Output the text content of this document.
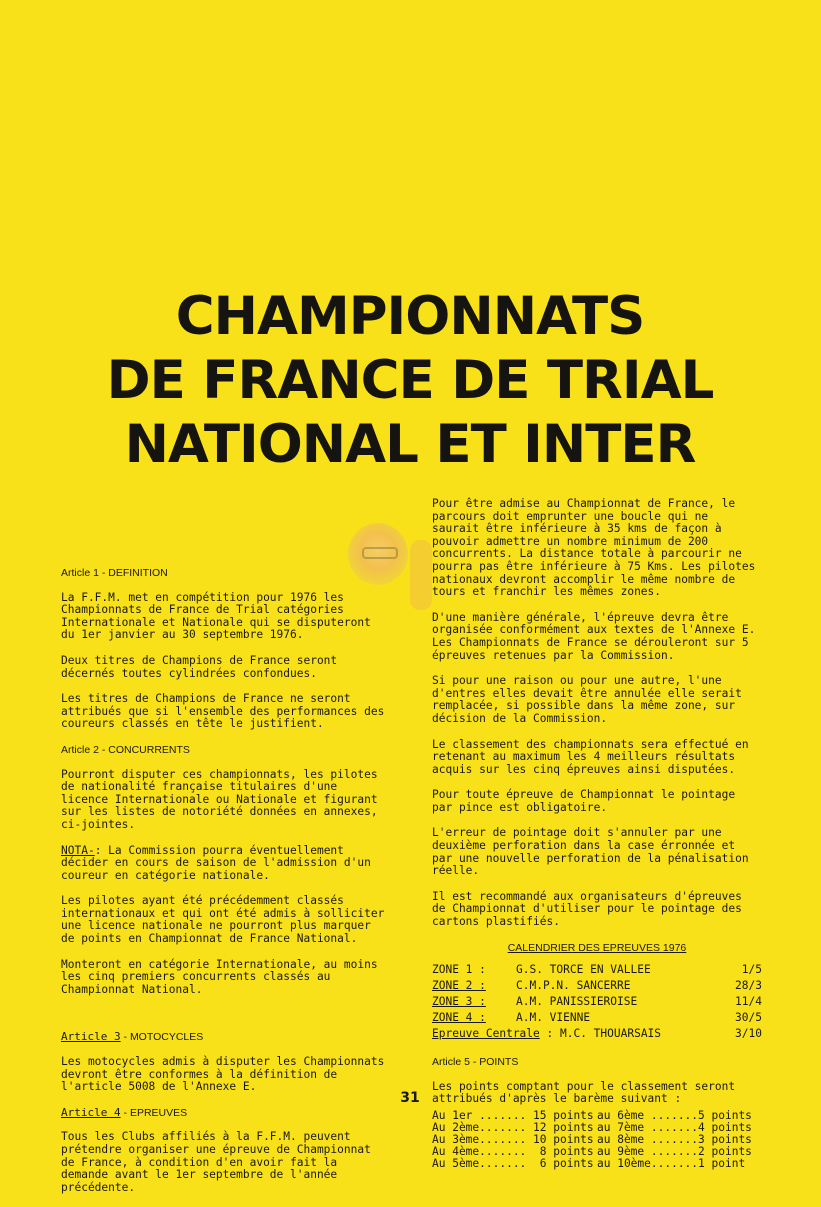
CHAMPIONNATS
DE FRANCE DE TRIAL
NATIONAL ET INTER
Article 1 - DEFINITION

La F.F.M. met en compétition pour 1976 les Championnats de France de Trial catégories Internationale et Nationale qui se disputeront du 1er janvier au 30 septembre 1976.

Deux titres de Champions de France seront décernés toutes cylindrées confondues.

Les titres de Champions de France ne seront attribués que si l'ensemble des performances des coureurs classés en tête le justifient.

Article 2 - CONCURRENTS

Pourront disputer ces championnats, les pilotes de nationalité française titulaires d'une licence Internationale ou Nationale et figurant sur les listes de notoriété données en annexes, ci-jointes.

NOTA-: La Commission pourra éventuellement décider en cours de saison de l'admission d'un coureur en catégorie nationale.

Les pilotes ayant été précédemment classés internationaux et qui ont été admis à solliciter une licence nationale ne pourront plus marquer de points en Championnat de France National.

Monteront en catégorie Internationale, au moins les cinq premiers concurrents classés au Championnat National.

Article 3 - MOTOCYCLES

Les motocycles admis à disputer les Championnats devront être conformes à la définition de l'article 5008 de l'Annexe E.

Article 4 - EPREUVES

Tous les Clubs affiliés à la F.F.M. peuvent prétendre organiser une épreuve de Championnat de France, à condition d'en avoir fait la demande avant le 1er septembre de l'année précédente.

Pour être admise au Championnat de France, le parcours doit emprunter une boucle qui ne saurait être inférieure à 35 kms de façon à pouvoir admettre un nombre minimum de 200 concurrents. La distance totale à parcourir ne pourra pas être inférieure à 75 Kms. Les pilotes nationaux devront accomplir le même nombre de tours et franchir les mêmes zones.

D'une manière générale, l'épreuve devra être organisée conformément aux textes de l'Annexe E. Les Championnats de France se dérouleront sur 5 épreuves retenues par la Commission.

Si pour une raison ou pour une autre, l'une d'entres elles devait être annulée elle serait remplacée, si possible dans la même zone, sur décision de la Commission.

Le classement des championnats sera effectué en retenant au maximum les 4 meilleurs résultats acquis sur les cinq épreuves ainsi disputées.

Pour toute épreuve de Championnat le pointage par pince est obligatoire.

L'erreur de pointage doit s'annuler par une deuxième perforation dans la case érronnée et par une nouvelle perforation de la pénalisation réelle.

Il est recommandé aux organisateurs d'épreuves de Championnat d'utiliser pour le pointage des cartons plastifiés.

CALENDRIER DES EPREUVES 1976
ZONE 1 :	G.S. TORCE EN VALLEE	1/5
ZONE 2 :	C.M.P.N. SANCERRE	28/3
ZONE 3 :	A.M. PANISSIEROISE	11/4
ZONE 4 :	A.M. VIENNE	30/5
Epreuve Centrale : M.C. THOUARSAIS	3/10
Article 5 - POINTS

Les points comptant pour le classement seront attribués d'après le barème suivant :

Au 1er ....... 15 points
Au 2ème....... 12 points
Au 3ème....... 10 points
Au 4ème.......  8 points
Au 5ème.......  6 points
au 6ème .......5 points
au 7ème .......4 points
au 8ème .......3 points
au 9ème .......2 points
au 10ème.......1 point
31
